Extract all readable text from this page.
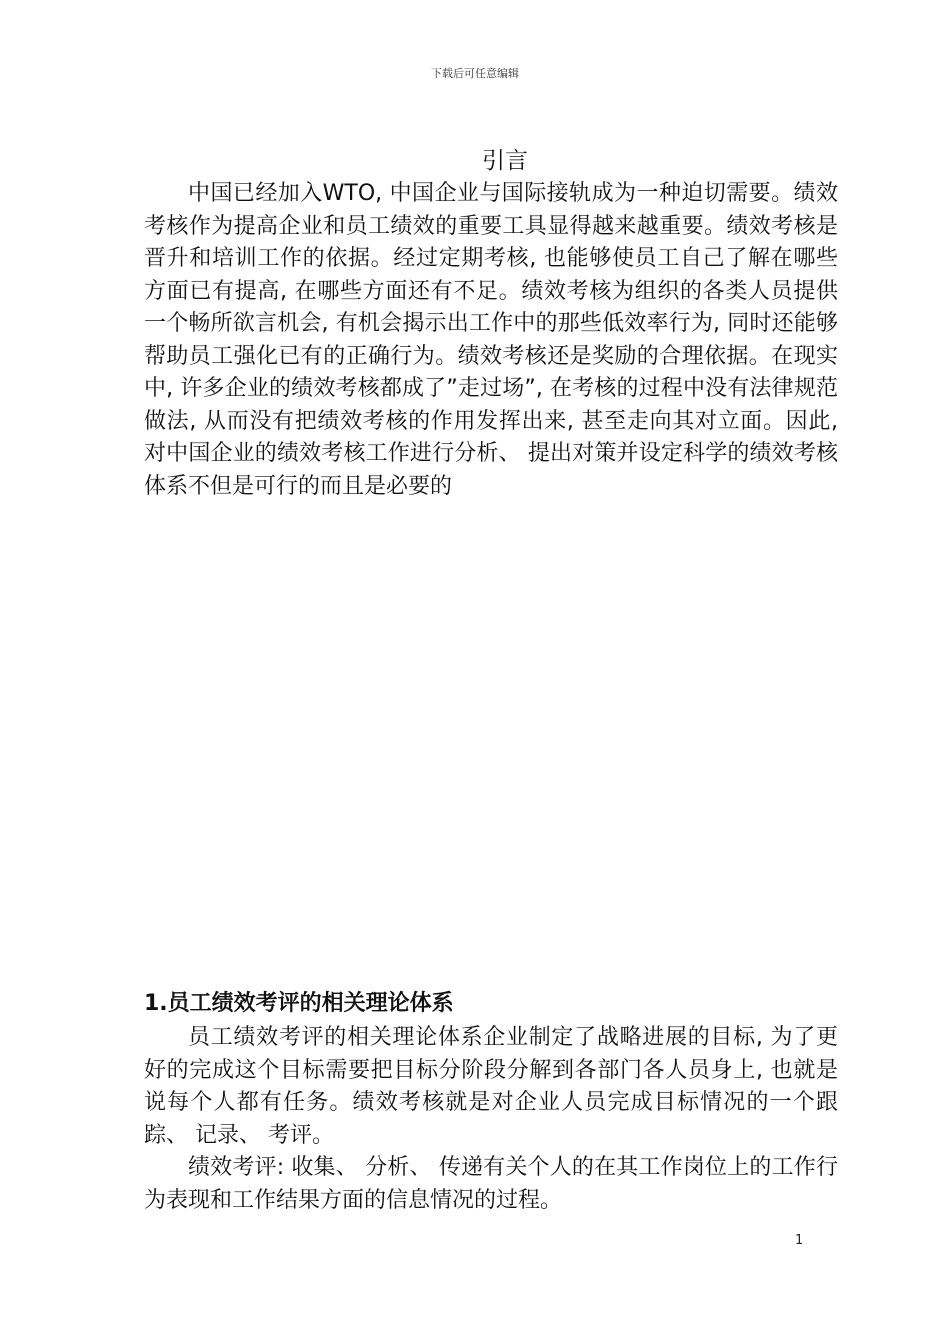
下载后可任意编辑
引言

中国已经加入WTO, 中国企业与国际接轨成为一种迫切需要。绩效考核作为提高企业和员工绩效的重要工具显得越来越重要。绩效考核是晋升和培训工作的依据。经过定期考核, 也能够使员工自己了解在哪些方面已有提高, 在哪些方面还有不足。绩效考核为组织的各类人员提供一个畅所欲言机会, 有机会揭示出工作中的那些低效率行为, 同时还能够帮助员工强化已有的正确行为。绩效考核还是奖励的合理依据。在现实中, 许多企业的绩效考核都成了”走过场”, 在考核的过程中没有法律规范做法, 从而没有把绩效考核的作用发挥出来, 甚至走向其对立面。因此, 对中国企业的绩效考核工作进行分析、 提出对策并设定科学的绩效考核体系不但是可行的而且是必要的

1.员工绩效考评的相关理论体系

员工绩效考评的相关理论体系企业制定了战略进展的目标, 为了更好的完成这个目标需要把目标分阶段分解到各部门各人员身上, 也就是说每个人都有任务。绩效考核就是对企业人员完成目标情况的一个跟踪、 记录、 考评。

绩效考评: 收集、 分析、 传递有关个人的在其工作岗位上的工作行为表现和工作结果方面的信息情况的过程。

1
